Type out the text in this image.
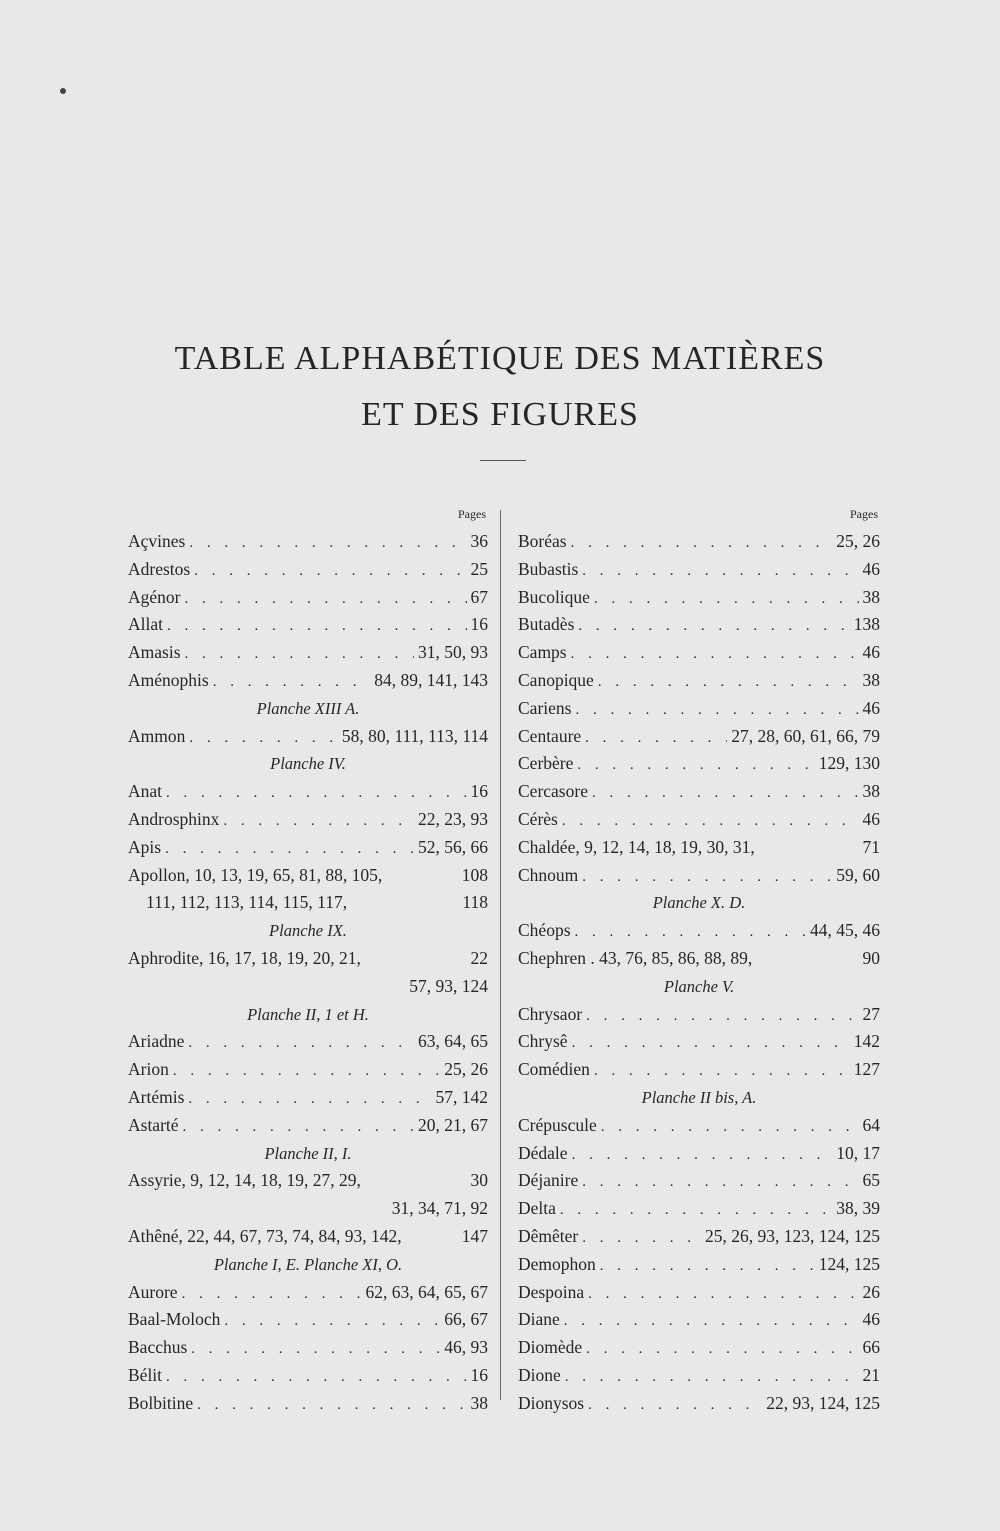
TABLE ALPHABÉTIQUE DES MATIÈRES
ET DES FIGURES
Pages
Açvines . . .	36
Adrestos . . .	25
Agénor . . .	67
Allat . . .	16
Amasis . . .	31, 50, 93
Aménophis . . .	84, 89, 141, 143
Planche XIII A.
Ammon . . .	58, 80, 111, 113, 114
Planche IV.
Anat . . .	16
Androsphinx . . .	22, 23, 93
Apis . . .	52, 56, 66
Apollon, 10, 13, 19, 65, 81, 88, 105,	108
111, 112, 113, 114, 115, 117,	118
Planche IX.
Aphrodite, 16, 17, 18, 19, 20, 21,	22
57, 93, 124
Planche II, 1 et H.
Ariadne . . .	63, 64, 65
Arion . . .	25, 26
Artémis . . .	57, 142
Astarté . . .	20, 21, 67
Planche II, I.
Assyrie, 9, 12, 14, 18, 19, 27, 29,	30
31, 34, 71, 92
Athêné, 22, 44, 67, 73, 74, 84, 93, 142,	147
Planche I, E. Planche XI, O.
Aurore . . .	62, 63, 64, 65, 67
Baal-Moloch . . .	66, 67
Bacchus . . .	46, 93
Bélit . . .	16
Bolbitine . . .	38
Pages
Boréas . . .	25, 26
Bubastis . . .	46
Bucolique . . .	38
Butadès . . .	138
Camps . . .	46
Canopique . . .	38
Cariens . . .	46
Centaure . . .	27, 28, 60, 61, 66, 79
Cerbère . . .	129, 130
Cercasore . . .	38
Cérès . . .	46
Chaldée, 9, 12, 14, 18, 19, 30, 31,	71
Chnoum . . .	59, 60
Planche X. D.
Chéops . . .	44, 45, 46
Chephren . 43, 76, 85, 86, 88, 89,	90
Planche V.
Chrysaor . . .	27
Chrysê . . .	142
Comédien . . .	127
Planche II bis, A.
Crépuscule . . .	64
Dédale . . .	10, 17
Déjanire . . .	65
Delta . . .	38, 39
Dêmêter . . .	25, 26, 93, 123, 124, 125
Demophon . . .	124, 125
Despoina . . .	26
Diane . . .	46
Diomède . . .	66
Dione . . .	21
Dionysos . . .	22, 93, 124, 125
